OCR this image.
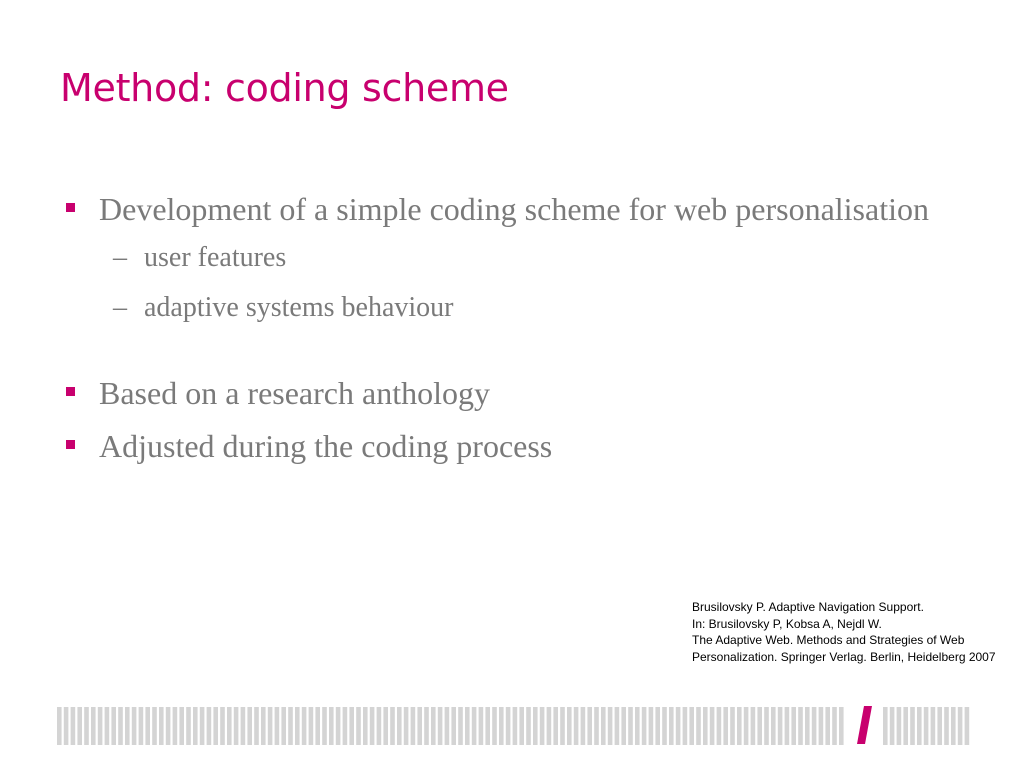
Method: coding scheme
Development of a simple coding scheme for web personalisation
– user features
– adaptive systems behaviour
Based on a research anthology
Adjusted during the coding process
Brusilovsky P. Adaptive Navigation Support.
In: Brusilovsky P, Kobsa A, Nejdl W.
The Adaptive Web. Methods and Strategies of Web
Personalization. Springer Verlag. Berlin, Heidelberg 2007
